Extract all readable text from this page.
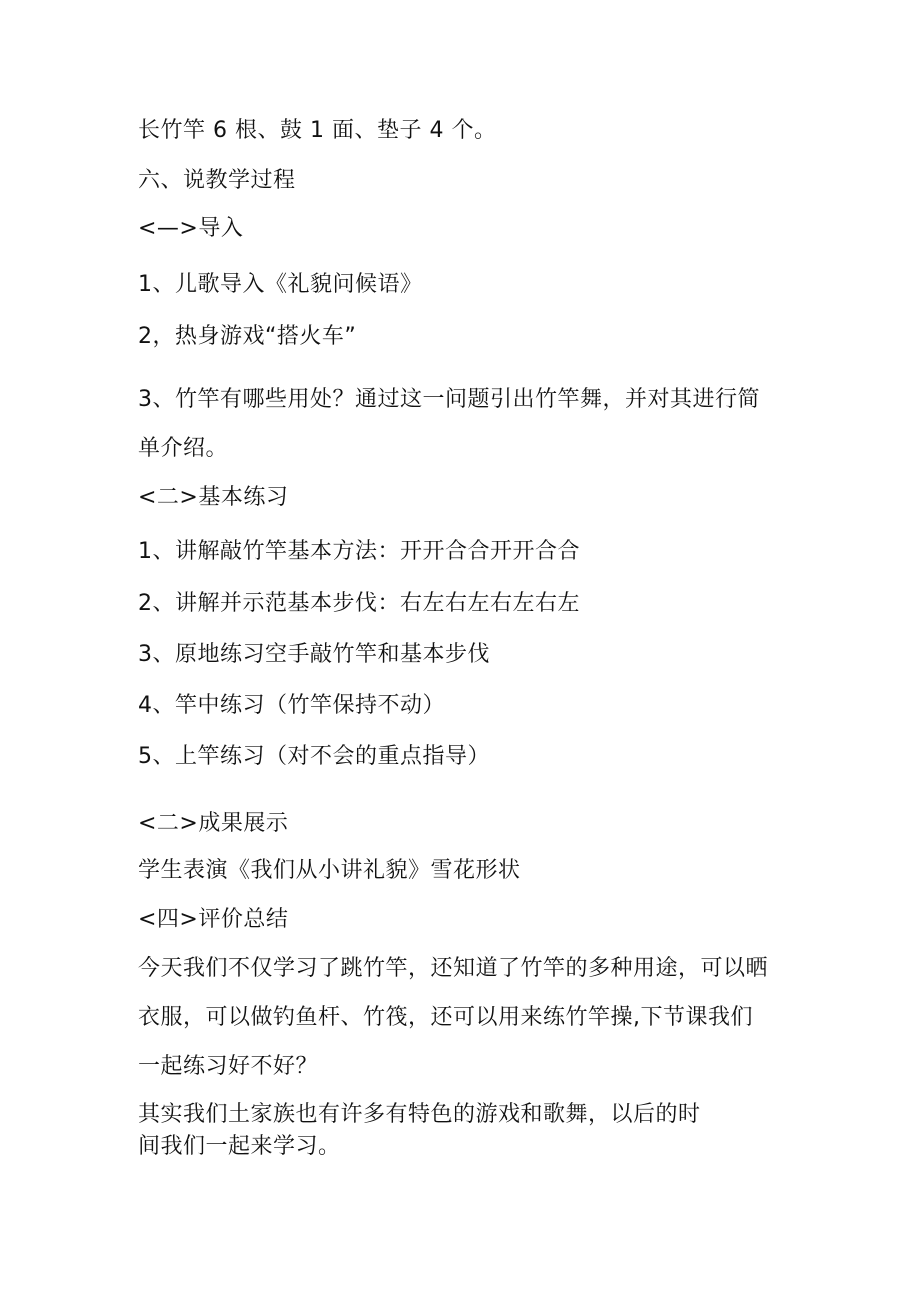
长竹竿 6 根、鼓 1 面、垫子 4 个。
六、说教学过程
<—>导入
1、儿歌导入《礼貌问候语》
2，热身游戏“搭火车”
3、竹竿有哪些用处？通过这一问题引出竹竿舞，并对其进行简
单介绍。
<二>基本练习
1、讲解敲竹竿基本方法：开开合合开开合合
2、讲解并示范基本步伐：右左右左右左右左
3、原地练习空手敲竹竿和基本步伐
4、竿中练习（竹竿保持不动）
5、上竿练习（对不会的重点指导）
<二>成果展示
学生表演《我们从小讲礼貌》雪花形状
<四>评价总结
今天我们不仅学习了跳竹竿，还知道了竹竿的多种用途，可以晒
衣服，可以做钓鱼杆、竹筏，还可以用来练竹竿操,下节课我们
一起练习好不好？
其实我们土家族也有许多有特色的游戏和歌舞，以后的时
间我们一起来学习。
